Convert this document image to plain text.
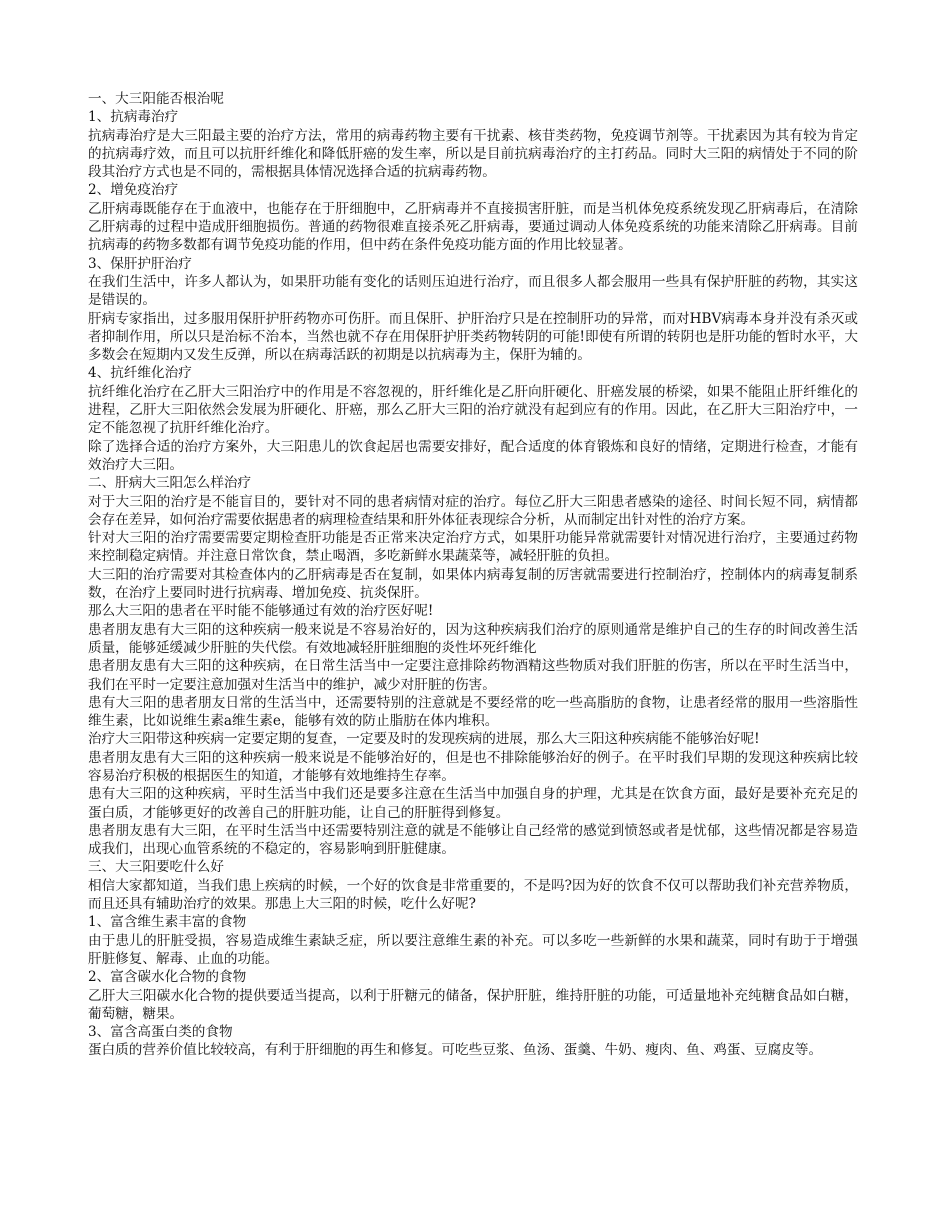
一、大三阳能否根治呢
1、抗病毒治疗
抗病毒治疗是大三阳最主要的治疗方法，常用的病毒药物主要有干扰素、核苷类药物，免疫调节剂等。干扰素因为其有较为肯定的抗病毒疗效，而且可以抗肝纤维化和降低肝癌的发生率，所以是目前抗病毒治疗的主打药品。同时大三阳的病情处于不同的阶段其治疗方式也是不同的，需根据具体情况选择合适的抗病毒药物。
2、增免疫治疗
乙肝病毒既能存在于血液中，也能存在于肝细胞中，乙肝病毒并不直接损害肝脏，而是当机体免疫系统发现乙肝病毒后，在清除乙肝病毒的过程中造成肝细胞损伤。普通的药物很难直接杀死乙肝病毒，要通过调动人体免疫系统的功能来清除乙肝病毒。目前抗病毒的药物多数都有调节免疫功能的作用，但中药在条件免疫功能方面的作用比较显著。
3、保肝护肝治疗
在我们生活中，许多人都认为，如果肝功能有变化的话则压迫进行治疗，而且很多人都会服用一些具有保护肝脏的药物，其实这是错误的。
肝病专家指出，过多服用保肝护肝药物亦可伤肝。而且保肝、护肝治疗只是在控制肝功的异常，而对HBV病毒本身并没有杀灭或者抑制作用，所以只是治标不治本，当然也就不存在用保肝护肝类药物转阴的可能!即使有所谓的转阴也是肝功能的暂时水平，大多数会在短期内又发生反弹，所以在病毒活跃的初期是以抗病毒为主，保肝为辅的。
4、抗纤维化治疗
抗纤维化治疗在乙肝大三阳治疗中的作用是不容忽视的，肝纤维化是乙肝向肝硬化、肝癌发展的桥梁，如果不能阻止肝纤维化的进程，乙肝大三阳依然会发展为肝硬化、肝癌，那么乙肝大三阳的治疗就没有起到应有的作用。因此，在乙肝大三阳治疗中，一定不能忽视了抗肝纤维化治疗。
除了选择合适的治疗方案外，大三阳患儿的饮食起居也需要安排好，配合适度的体育锻炼和良好的情绪，定期进行检查，才能有效治疗大三阳。
二、肝病大三阳怎么样治疗
对于大三阳的治疗是不能盲目的，要针对不同的患者病情对症的治疗。每位乙肝大三阳患者感染的途径、时间长短不同，病情都会存在差异，如何治疗需要依据患者的病理检查结果和肝外体征表现综合分析，从而制定出针对性的治疗方案。
针对大三阳的治疗需要需要定期检查肝功能是否正常来决定治疗方式，如果肝功能异常就需要针对情况进行治疗，主要通过药物来控制稳定病情。并注意日常饮食，禁止喝酒，多吃新鲜水果蔬菜等，减轻肝脏的负担。
大三阳的治疗需要对其检查体内的乙肝病毒是否在复制，如果体内病毒复制的厉害就需要进行控制治疗，控制体内的病毒复制系数，在治疗上要同时进行抗病毒、增加免疫、抗炎保肝。
那么大三阳的患者在平时能不能够通过有效的治疗医好呢!
患者朋友患有大三阳的这种疾病一般来说是不容易治好的，因为这种疾病我们治疗的原则通常是维护自己的生存的时间改善生活质量，能够延缓减少肝脏的失代偿。有效地减轻肝脏细胞的炎性坏死纤维化
患者朋友患有大三阳的这种疾病，在日常生活当中一定要注意排除药物酒精这些物质对我们肝脏的伤害，所以在平时生活当中，我们在平时一定要注意加强对生活当中的维护，减少对肝脏的伤害。
患有大三阳的患者朋友日常的生活当中，还需要特别的注意就是不要经常的吃一些高脂肪的食物，让患者经常的服用一些溶脂性维生素，比如说维生素a维生素e，能够有效的防止脂肪在体内堆积。
治疗大三阳带这种疾病一定要定期的复查，一定要及时的发现疾病的进展，那么大三阳这种疾病能不能够治好呢!
患者朋友患有大三阳的这种疾病一般来说是不能够治好的，但是也不排除能够治好的例子。在平时我们早期的发现这种疾病比较容易治疗积极的根据医生的知道，才能够有效地维持生存率。
患有大三阳的这种疾病，平时生活当中我们还是要多注意在生活当中加强自身的护理，尤其是在饮食方面，最好是要补充充足的蛋白质，才能够更好的改善自己的肝脏功能，让自己的肝脏得到修复。
患者朋友患有大三阳，在平时生活当中还需要特别注意的就是不能够让自己经常的感觉到愤怒或者是忧郁，这些情况都是容易造成我们，出现心血管系统的不稳定的，容易影响到肝脏健康。
三、大三阳要吃什么好
相信大家都知道，当我们患上疾病的时候，一个好的饮食是非常重要的，不是吗?因为好的饮食不仅可以帮助我们补充营养物质，而且还具有辅助治疗的效果。那患上大三阳的时候，吃什么好呢?
1、富含维生素丰富的食物
由于患儿的肝脏受损，容易造成维生素缺乏症，所以要注意维生素的补充。可以多吃一些新鲜的水果和蔬菜，同时有助于于增强肝脏修复、解毒、止血的功能。
2、富含碳水化合物的食物
乙肝大三阳碳水化合物的提供要适当提高，以利于肝糖元的储备，保护肝脏，维持肝脏的功能，可适量地补充纯糖食品如白糖，葡萄糖，糖果。
3、富含高蛋白类的食物
蛋白质的营养价值比较较高，有利于肝细胞的再生和修复。可吃些豆浆、鱼汤、蛋羹、牛奶、瘦肉、鱼、鸡蛋、豆腐皮等。
